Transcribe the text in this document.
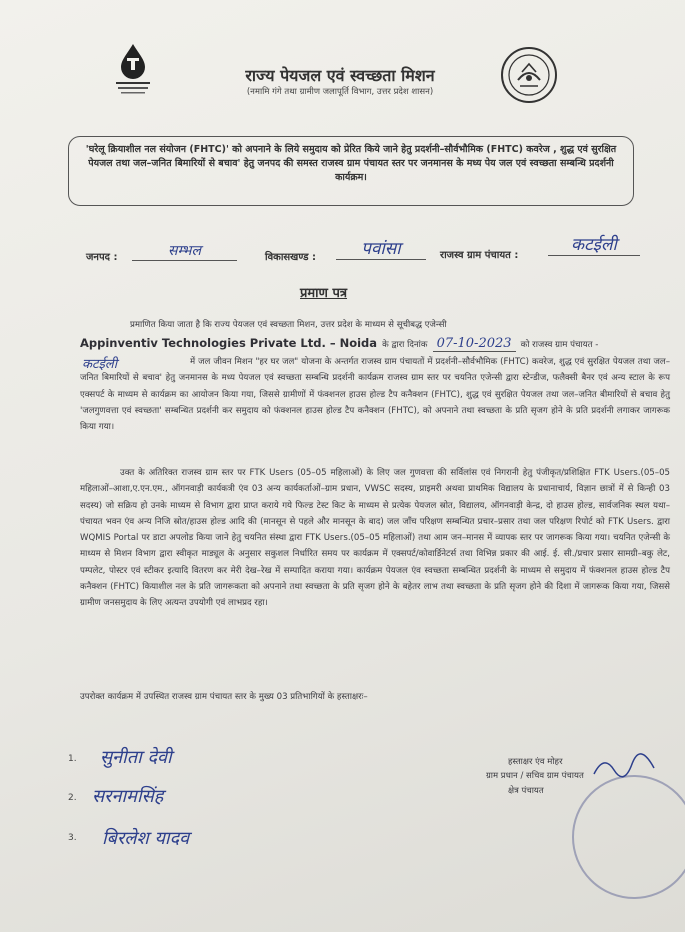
राज्य पेयजल एवं स्वच्छता मिशन
(नमामि गंगे तथा ग्रामीण जलापूर्ति विभाग, उत्तर प्रदेश शासन)
'घरेलू क्रियाशील नल संयोजन (FHTC)' को अपनाने के लिये समुदाय को प्रेरित किये जाने हेतु प्रदर्शनी–सौर्वभौमिक (FHTC) कवरेज , शुद्ध एवं सुरक्षित पेयजल तथा जल–जनित बिमारियों से बचाव' हेतु जनपद की समस्त राजस्व ग्राम पंचायत स्तर पर जनमानस के मध्य पेय जल एवं स्वच्छता सम्बन्धि प्रदर्शनी कार्यक्रम।
जनपद :	सम्भल	विकासखण्ड :	पवांसा	राजस्व ग्राम पंचायत :
कटईली
प्रमाण पत्र
प्रमाणित किया जाता है कि राज्य पेयजल एवं स्वच्छता मिशन, उत्तर प्रदेश के माध्यम से सूचीबद्ध एजेन्सी
Appinventiv Technologies Private Ltd. – Noida के द्वारा दिनांक 07-10-2023 को राजस्व ग्राम पंचायत -
कटईली	में जल जीवन मिशन "हर घर जल" योजना के अन्तर्गत राजस्व ग्राम पंचायतों में प्रदर्शनी–सौर्वभौमिक (FHTC) कवरेज, शुद्ध एवं सुरक्षित पेयजल तथा जल–जनित बिमारियों से बचाव' हेतु जनमानस के मध्य पेयजल एवं स्वच्छता सम्बन्धि प्रदर्शनी कार्यक्रम राजस्व ग्राम स्तर पर चयनित एजेन्सी द्वारा स्टेन्डीज, फलैक्सी बैनर एवं अन्य स्टाल के रूप एक्सपर्ट के माध्यम से कार्यक्रम का आयोजन किया गया, जिससे ग्रामीणों में फंक्शनल हाउस होल्ड टैप कनैक्शन (FHTC), शुद्ध एवं सुरक्षित पेयजल तथा जल–जनित बीमारियों से बचाव हेतु 'जलगुणवत्ता एवं स्वच्छता' सम्बन्धित प्रदर्शनी कर समुदाय को फंक्शनल हाउस होल्ड टैप कनैक्शन (FHTC), को अपनाने तथा स्वच्छता के प्रति सृजग होने के प्रति प्रदर्शनी लगाकर जागरूक किया गया।
उक्त के अतिरिक्त राजस्व ग्राम स्तर पर FTK Users (05–05 महिलाओं) के लिए जल गुणवत्ता की सर्विलांस एवं निगरानी हेतु पंजीकृत/प्रशिक्षित FTK Users.(05–05 महिलाओं–आशा,ए.एन.एम., ऑगनवाड़ी कार्यकत्री एंव 03 अन्य कार्यकर्ताओं–ग्राम प्रधान, VWSC सदस्य, प्राइमरी अथवा प्राथमिक विद्यालय के प्रधानाचार्य, विज्ञान छात्रों में से किन्ही 03 सदस्य) जो सक्रिय हो उनके माध्यम से विभाग द्वारा प्राप्त कराये गये फिल्ड टेस्ट किट के माध्यम से प्रत्येक पेयजल स्रोत, विद्यालय, ऑगनवाड़ी केन्द्र, दो हाउस होल्ड, सार्वजनिक स्थल यथा–पंचायत भवन एंव अन्य निजि स्रोत/हाउस होल्ड आदि की (मानसून से पहले और मानसून के बाद) जल जाँच परिक्षण सम्बन्धित प्रचार–प्रसार तथा जल परिक्षण रिपोर्ट को FTK Users. द्वारा WQMIS Portal पर डाटा अपलोड किया जाने हेतु चयनित संस्था द्वारा FTK Users.(05–05 महिलाओं) तथा आम जन–मानस में व्यापक स्तर पर जागरूक किया गया। चयनित एजेन्सी के माध्यम से मिशन विभाग द्वारा स्वीकृत माड्यूल के अनुसार सकुशल निर्धारित समय पर कार्यक्रम में एक्सपर्ट/कोवार्डिनेटर्स तथा विभिन्न प्रकार की आई. ई. सी./प्रचार प्रसार सामग्री–बकु लेट, पम्पलेट, पोस्टर एवं स्टीकर इत्यादि वितरण कर मेरी देख–रेख में सम्पादित कराया गया। कार्यक्रम पेयजल एंव स्वच्छता सम्बन्धित प्रदर्शनी के माध्यम से समुदाय में फंक्शनल हाउस होल्ड टैप कनैक्शन (FHTC) कियाशील नल के प्रति जागरूकता को अपनाने तथा स्वच्छता के प्रति सृजग होने के बहेतर लाभ तथा स्वच्छता के प्रति सृजग होने की दिशा में जागरूक किया गया, जिससे ग्रामीण जनसमुदाय के लिए अत्यन्त उपयोगी एवं लाभप्रद रहा।
उपरोक्त कार्यक्रम में उपस्थित राजस्व ग्राम पंचायत स्तर के मुख्य 03 प्रतिभागियों के हस्ताक्षरः–
1. सुनीता देवी
2. सरनामसिंह
3. बिरलेश यादव
हस्ताक्षर एंव मोहर
ग्राम प्रधान / सचिव ग्राम पंचायत
क्षेत्र पंचायत
